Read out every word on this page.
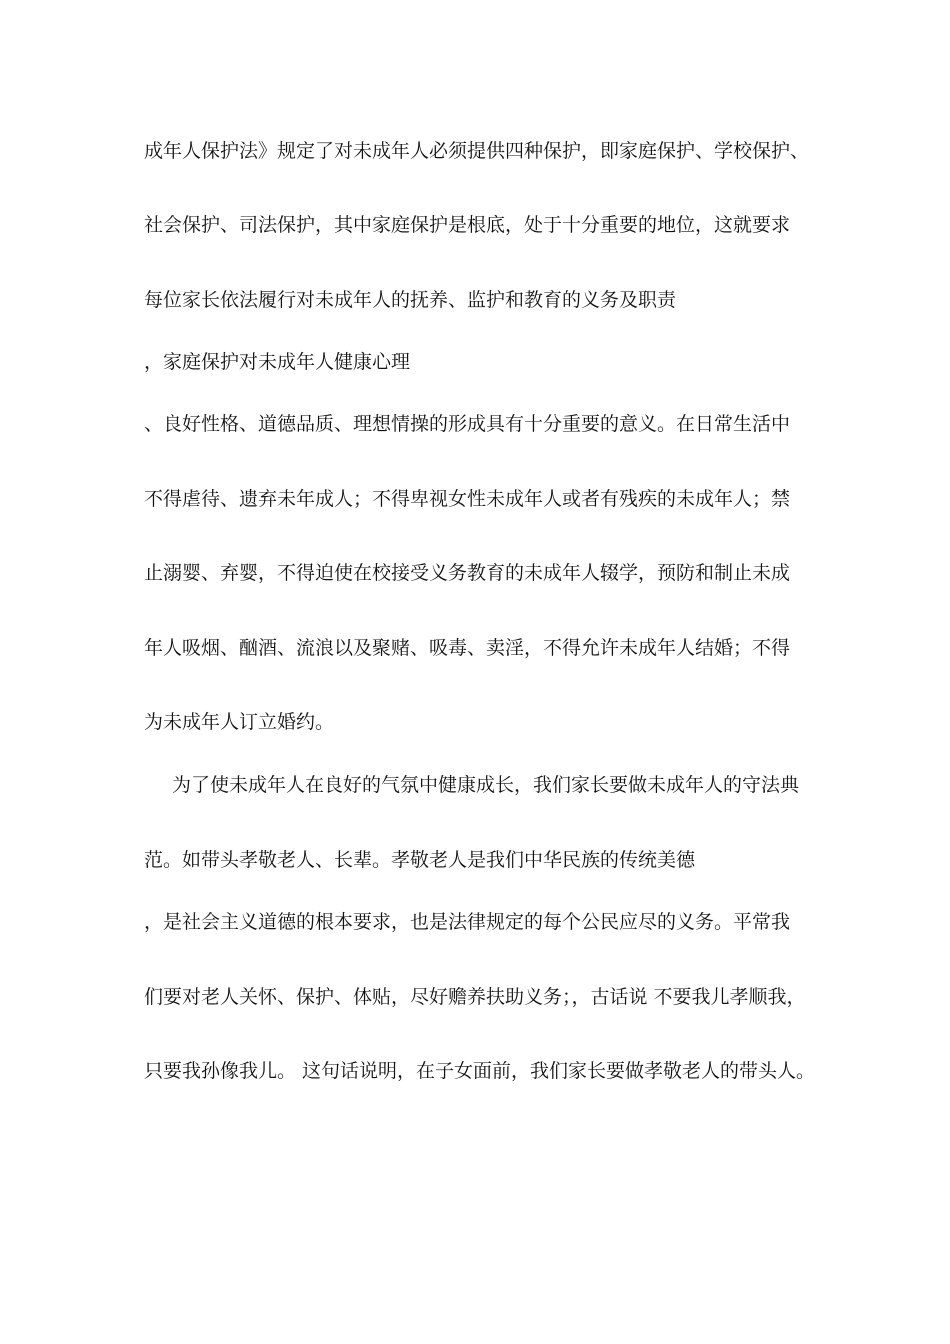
成年人保护法》规定了对未成年人必须提供四种保护，即家庭保护、学校保护、
社会保护、司法保护，其中家庭保护是根底，处于十分重要的地位，这就要求
每位家长依法履行对未成年人的抚养、监护和教育的义务及职责
，家庭保护对未成年人健康心理
、良好性格、道德品质、理想情操的形成具有十分重要的意义。在日常生活中
不得虐待、遗弃未年成人；不得卑视女性未成年人或者有残疾的未成年人；禁
止溺婴、弃婴，不得迫使在校接受义务教育的未成年人辍学，预防和制止未成
年人吸烟、酗酒、流浪以及聚赌、吸毒、卖淫，不得允许未成年人结婚；不得
为未成年人订立婚约。
为了使未成年人在良好的气氛中健康成长，我们家长要做未成年人的守法典
范。如带头孝敬老人、长辈。孝敬老人是我们中华民族的传统美德
，是社会主义道德的根本要求，也是法律规定的每个公民应尽的义务。平常我
们要对老人关怀、保护、体贴，尽好赡养扶助义务；，古话说 不要我儿孝顺我，
只要我孙像我儿。 这句话说明，在子女面前，我们家长要做孝敬老人的带头人。
